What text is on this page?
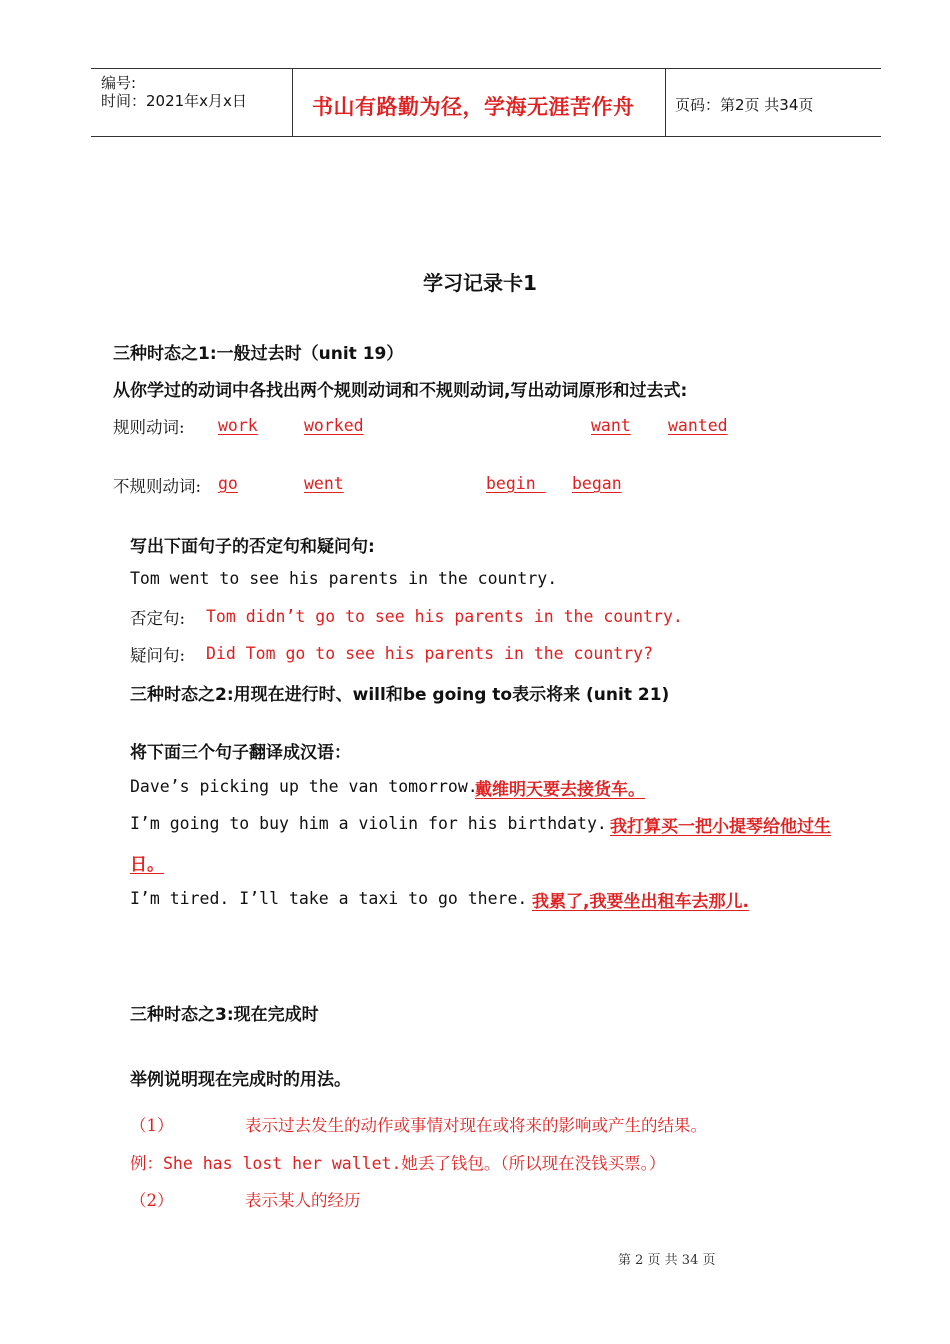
编号:
时间：2021年x月x日	书山有路勤为径，学海无涯苦作舟	页码：第2页 共34页
学习记录卡1
三种时态之1:一般过去时（unit 19）
从你学过的动词中各找出两个规则动词和不规则动词,写出动词原形和过去式:
规则动词: work	worked	want wanted
不规则动词: go	went	begin began
写出下面句子的否定句和疑问句:
Tom went to see his parents in the country.
否定句: Tom didn’t go to see his parents in the country.
疑问句: Did Tom go to see his parents in the country?
三种时态之2:用现在进行时、will和be going to表示将来 (unit 21)
将下面三个句子翻译成汉语：
Dave’s picking up the van tomorrow.
戴维明天要去接货车。
I’m going to buy him a violin for his birthdaty. 我打算买一把小提琴给他过生
日。
I’m tired. I’ll take a taxi to go there. 我累了,我要坐出租车去那儿.
三种时态之3:现在完成时
举例说明现在完成时的用法。
（1）	表示过去发生的动作或事情对现在或将来的影响或产生的结果。
例：She has lost her wallet.她丢了钱包。（所以现在没钱买票。）
（2）	表示某人的经历
第 2 页 共 34 页
